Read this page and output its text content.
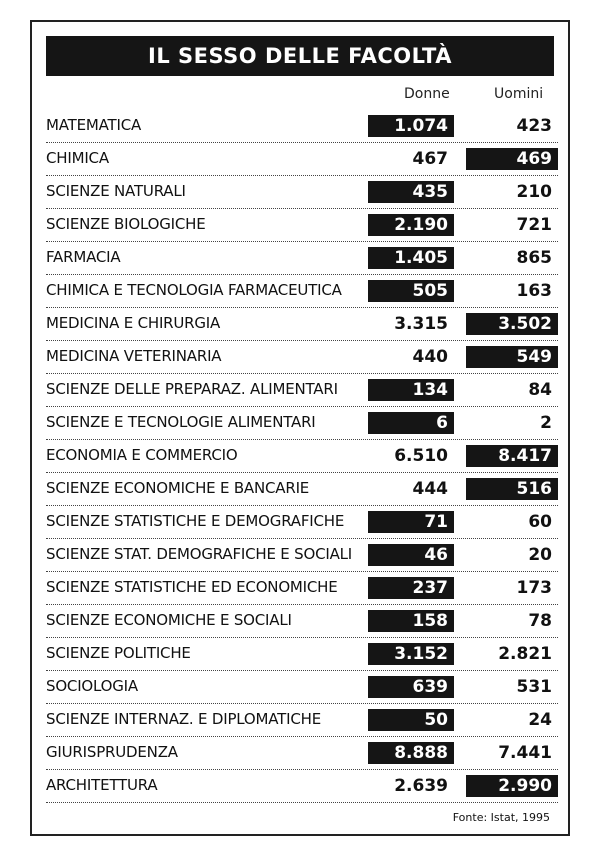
IL SESSO DELLE FACOLTÀ
Donne	Uomini
MATEMATICA	1.074	423
CHIMICA	467	469
SCIENZE NATURALI	435	210
SCIENZE BIOLOGICHE	2.190	721
FARMACIA	1.405	865
CHIMICA E TECNOLOGIA FARMACEUTICA	505	163
MEDICINA E CHIRURGIA	3.315	3.502
MEDICINA VETERINARIA	440	549
SCIENZE DELLE PREPARAZ. ALIMENTARI	134	84
SCIENZE E TECNOLOGIE ALIMENTARI	6	2
ECONOMIA E COMMERCIO	6.510	8.417
SCIENZE ECONOMICHE E BANCARIE	444	516
SCIENZE STATISTICHE E DEMOGRAFICHE	71	60
SCIENZE STAT. DEMOGRAFICHE E SOCIALI	46	20
SCIENZE STATISTICHE ED ECONOMICHE	237	173
SCIENZE ECONOMICHE E SOCIALI	158	78
SCIENZE POLITICHE	3.152	2.821
SOCIOLOGIA	639	531
SCIENZE INTERNAZ. E DIPLOMATICHE	50	24
GIURISPRUDENZA	8.888	7.441
ARCHITETTURA	2.639	2.990
Fonte: Istat, 1995
